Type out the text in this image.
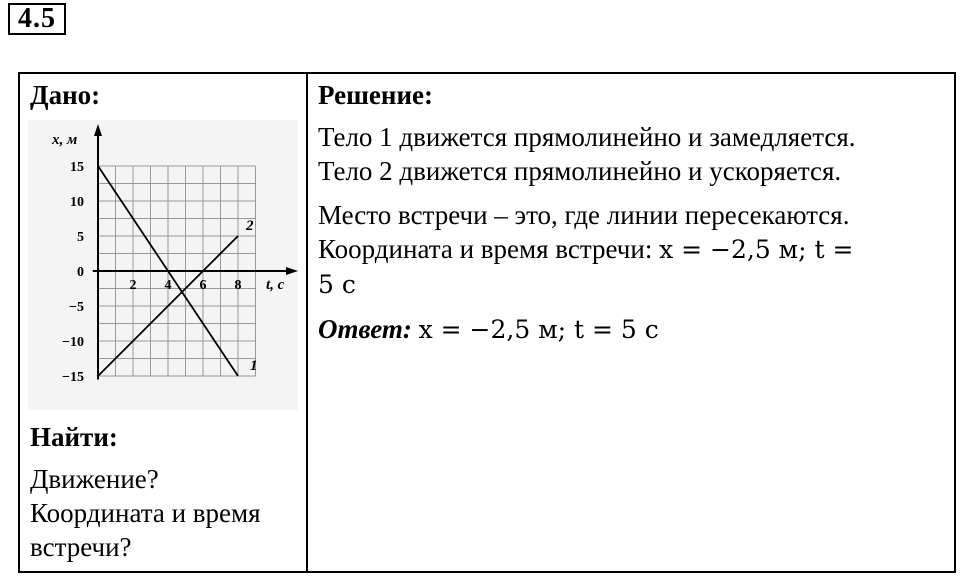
4.5
Дано:
15
10
5
0
−5
−10
−15
2 4 6 8
x, м
t, с
1
2
Найти:
Движение?
Координата и время
встречи?
Решение:
Тело 1 движется прямолинейно и замедляется.
Тело 2 движется прямолинейно и ускоряется.
Место встречи – это, где линии пересекаются.
Координата и время встречи: x = −2,5 м; t =
5 с
Ответ: x = −2,5 м; t = 5 с
